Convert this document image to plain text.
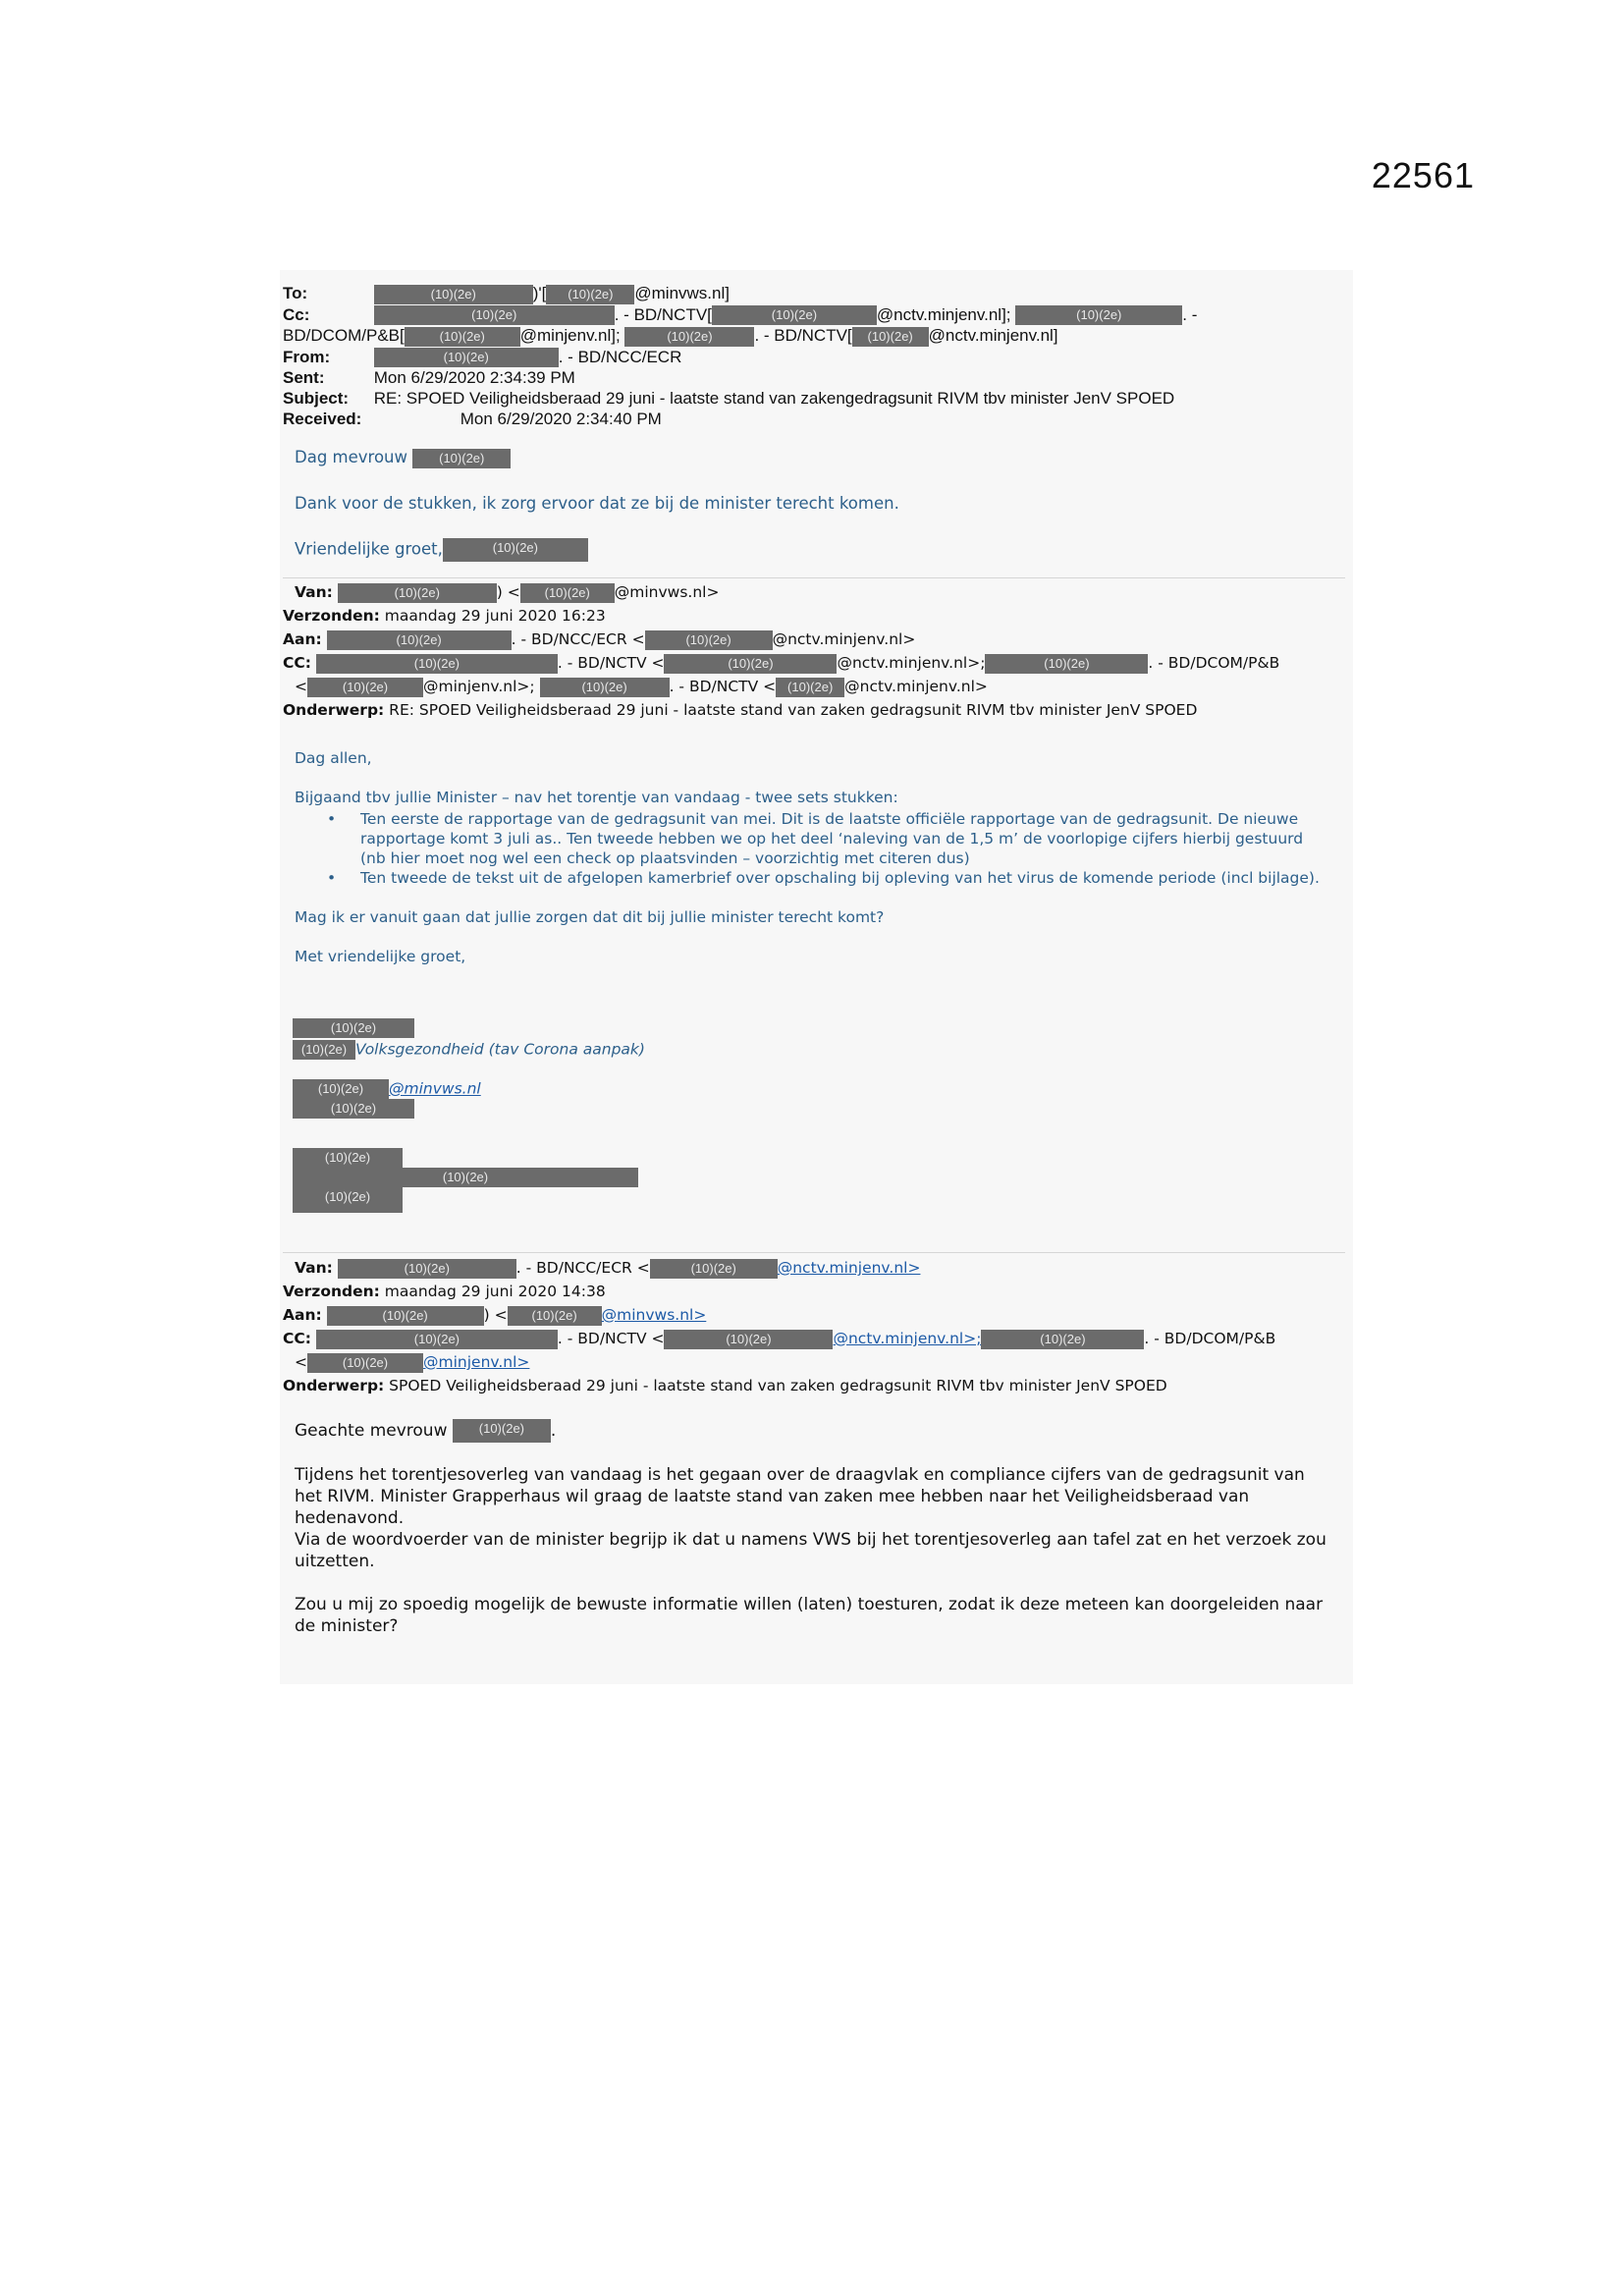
22561
To:	(10)(2e)	)'[ (10)(2e) @minvws.nl]
Cc:	(10)(2e)	. - BD/NCTV[	(10)(2e)	@nctv.minjenv.nl];	(10)(2e)	. -
BD/DCOM/P&B[	(10)(2e) @minjenv.nl];	(10)(2e)	. - BD/NCTV[ (10)(2e) @nctv.minjenv.nl]
From:	(10)(2e)	. - BD/NCC/ECR
Sent:	Mon 6/29/2020 2:34:39 PM
Subject: RE: SPOED Veiligheidsberaad 29 juni - laatste stand van zakengedragsunit RIVM tbv minister JenV SPOED
Received:	Mon 6/29/2020 2:34:40 PM

Dag mevrouw (10)(2e)

Dank voor de stukken, ik zorg ervoor dat ze bij de minister terecht komen.

Vriendelijke groet,	(10)(2e)

Van:	(10)(2e)	) < (10)(2e) @minvws.nl>
Verzonden: maandag 29 juni 2020 16:23
Aan:	(10)(2e)	. - BD/NCC/ECR <	(10)(2e)	@nctv.minjenv.nl>
CC:	(10)(2e)	. - BD/NCTV <	(10)(2e)	@nctv.minjenv.nl>;	(10)(2e)	. - BD/DCOM/P&B
<	(10)(2e) @minjenv.nl>;	(10)(2e)	. - BD/NCTV < (10)(2e) @nctv.minjenv.nl>
Onderwerp: RE: SPOED Veiligheidsberaad 29 juni - laatste stand van zaken gedragsunit RIVM tbv minister JenV SPOED

Dag allen,

Bijgaand tbv jullie Minister – nav het torentje van vandaag - twee sets stukken:

• Ten eerste de rapportage van de gedragsunit van mei. Dit is de laatste officiële rapportage van de gedragsunit. De nieuwe rapportage komt 3 juli as.. Ten tweede hebben we op het deel ‘naleving van de 1,5 m’ de voorlopige cijfers hierbij gestuurd (nb hier moet nog wel een check op plaatsvinden – voorzichtig met citeren dus)
• Ten tweede de tekst uit de afgelopen kamerbrief over opschaling bij opleving van het virus de komende periode (incl bijlage).

Mag ik er vanuit gaan dat jullie zorgen dat dit bij jullie minister terecht komt?

Met vriendelijke groet,

(10)(2e)
(10)(2e) Volksgezondheid (tav Corona aanpak)
(10)(2e) @minvws.nl
(10)(2e)
(10)(2e)
(10)(2e)
(10)(2e)
Van:	(10)(2e)	. - BD/NCC/ECR <	(10)(2e)	@nctv.minjenv.nl>
Verzonden: maandag 29 juni 2020 14:38
Aan:	(10)(2e)	) < (10)(2e) @minvws.nl>
CC:	(10)(2e)	. - BD/NCTV <	(10)(2e)	@nctv.minjenv.nl>;	(10)(2e)	. - BD/DCOM/P&B
<	(10)(2e) @minjenv.nl>
Onderwerp: SPOED Veiligheidsberaad 29 juni - laatste stand van zaken gedragsunit RIVM tbv minister JenV SPOED

Geachte mevrouw (10)(2e) .

Tijdens het torentjesoverleg van vandaag is het gegaan over de draagvlak en compliance cijfers van de gedragsunit van het RIVM. Minister Grapperhaus wil graag de laatste stand van zaken mee hebben naar het Veiligheidsberaad van hedenavond.

Via de woordvoerder van de minister begrijp ik dat u namens VWS bij het torentjesoverleg aan tafel zat en het verzoek zou uitzetten.

Zou u mij zo spoedig mogelijk de bewuste informatie willen (laten) toesturen, zodat ik deze meteen kan doorgeleiden naar de minister?
